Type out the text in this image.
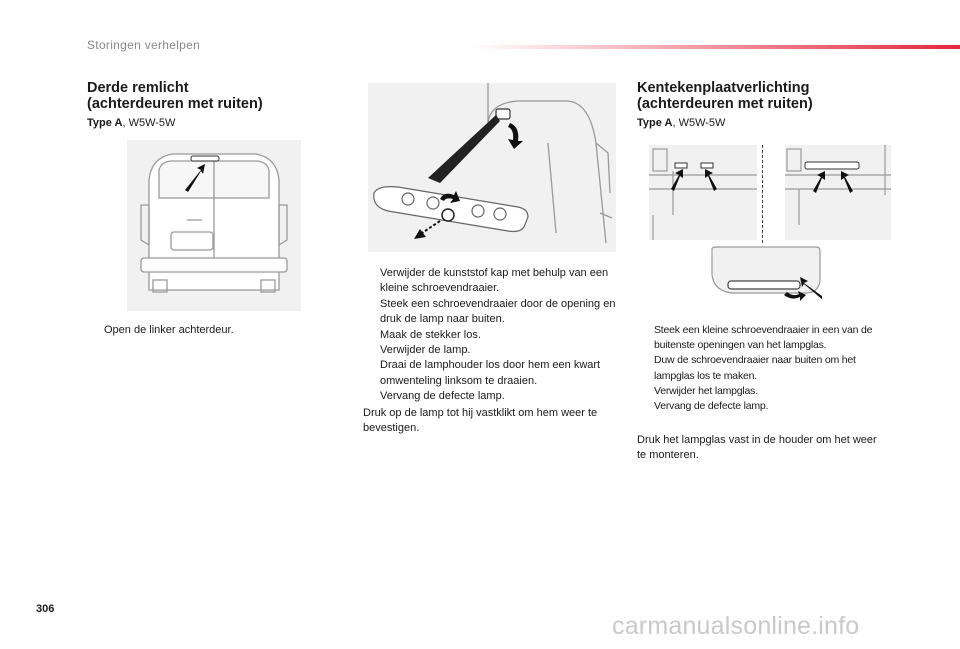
Storingen verhelpen
Derde remlicht
(achterdeuren met ruiten)
Type A, W5W-5W
Open de linker achterdeur.
Verwijder de kunststof kap met behulp van een kleine schroevendraaier.
Steek een schroevendraaier door de opening en druk de lamp naar buiten.
Maak de stekker los.
Verwijder de lamp.
Draai de lamphouder los door hem een kwart omwenteling linksom te draaien.
Vervang de defecte lamp.
Druk op de lamp tot hij vastklikt om hem weer te bevestigen.
Kentekenplaatverlichting
(achterdeuren met ruiten)
Type A, W5W-5W
Steek een kleine schroevendraaier in een van de buitenste openingen van het lampglas.
Duw de schroevendraaier naar buiten om het lampglas los te maken.
Verwijder het lampglas.
Vervang de defecte lamp.
Druk het lampglas vast in de houder om het weer te monteren.
306
carmanualsonline.info
